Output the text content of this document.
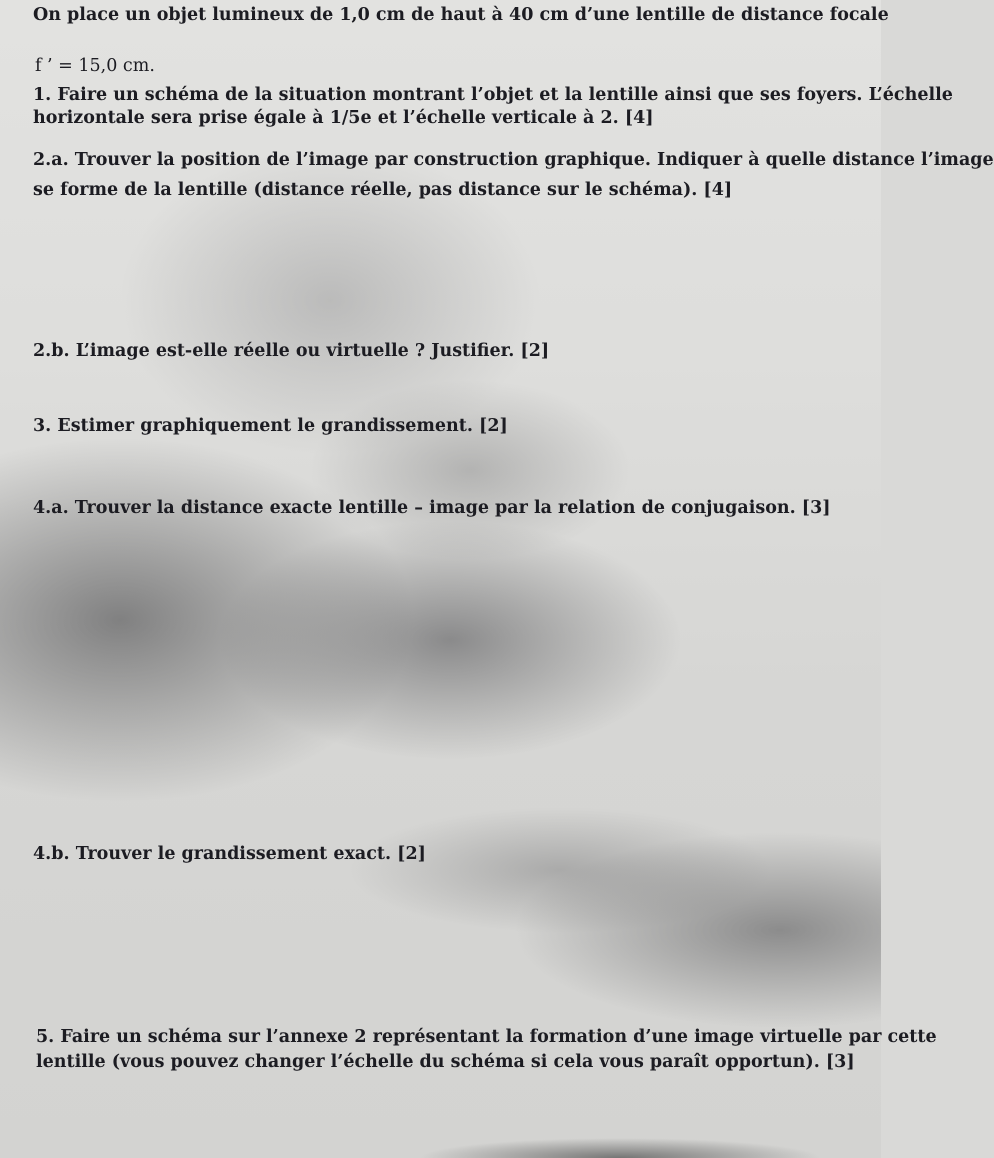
On place un objet lumineux de 1,0 cm de haut à 40 cm d’une lentille de distance focale

f ’ = 15,0 cm.

1. Faire un schéma de la situation montrant l’objet et la lentille ainsi que ses foyers. L’échelle

horizontale sera prise égale à 1/5e et l’échelle verticale à 2. [4]

2.a. Trouver la position de l’image par construction graphique. Indiquer à quelle distance l’image

se forme de la lentille (distance réelle, pas distance sur le schéma). [4]

2.b. L’image est-elle réelle ou virtuelle ? Justifier. [2]

3. Estimer graphiquement le grandissement. [2]

4.a. Trouver la distance exacte lentille – image par la relation de conjugaison. [3]

4.b. Trouver le grandissement exact. [2]

5. Faire un schéma sur l’annexe 2 représentant la formation d’une image virtuelle par cette

lentille (vous pouvez changer l’échelle du schéma si cela vous paraît opportun). [3]
